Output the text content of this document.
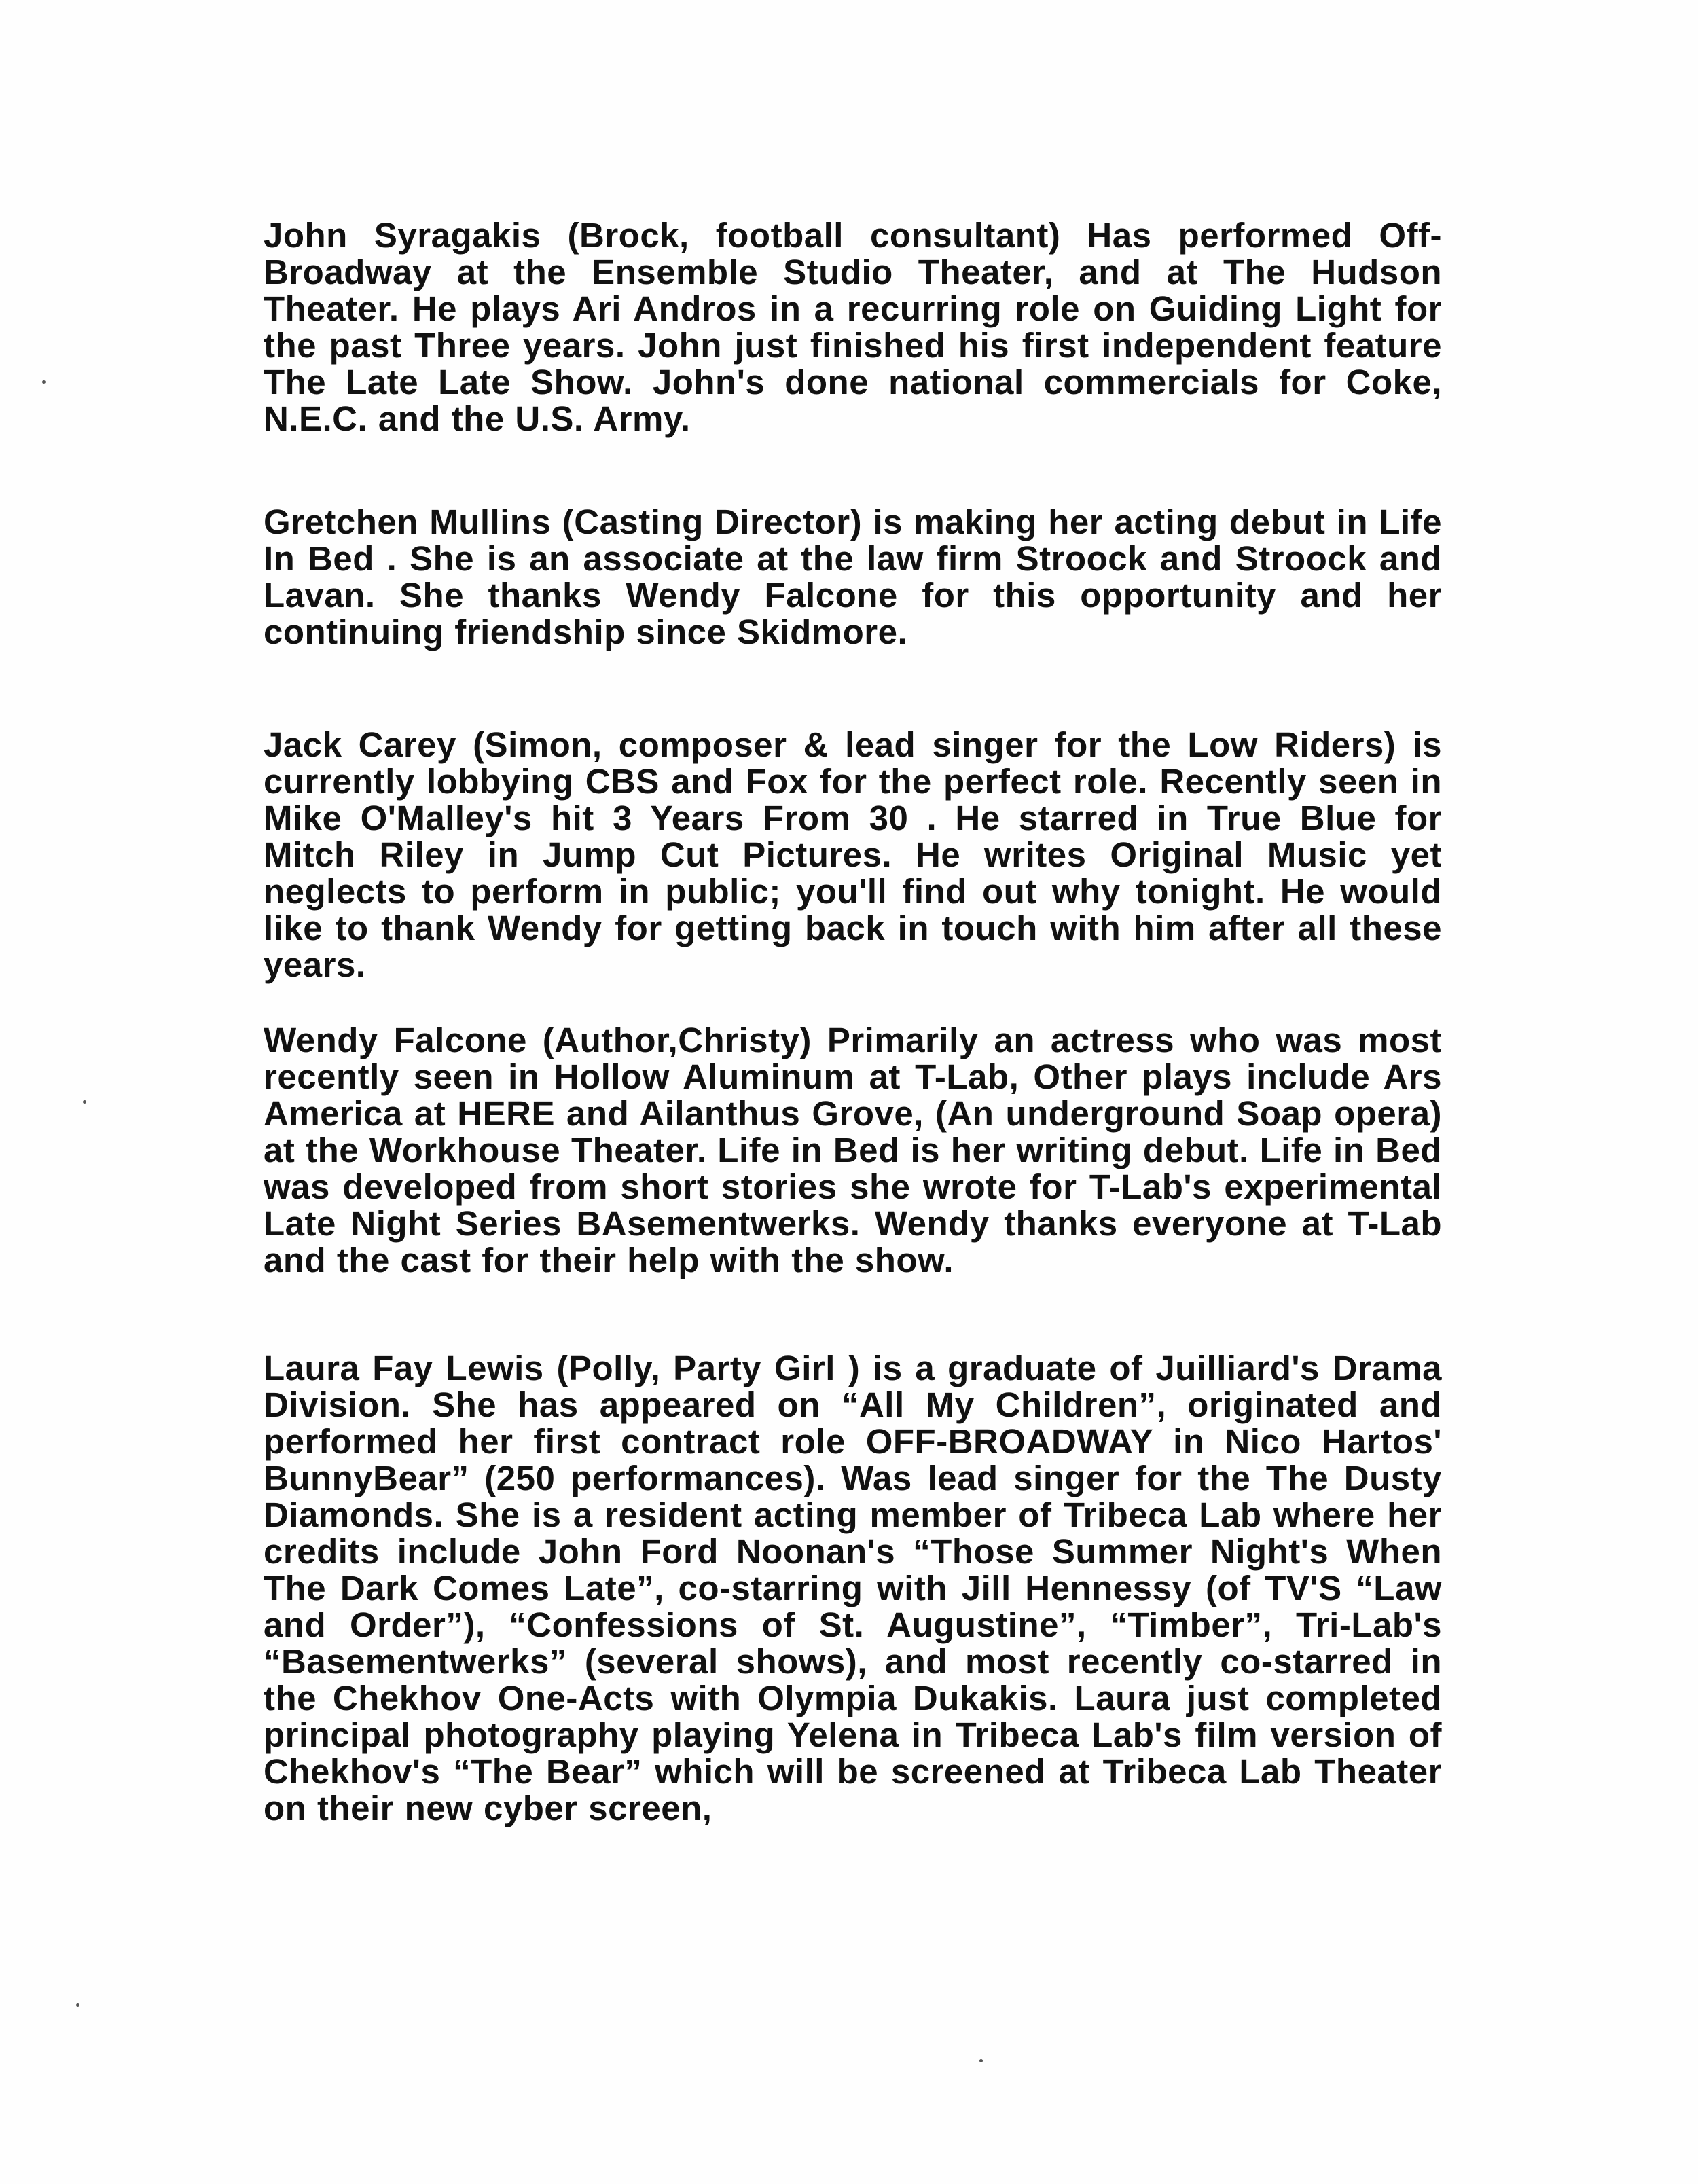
John Syragakis (Brock, football consultant) Has performed Off-Broadway at the Ensemble Studio Theater, and at The Hudson Theater. He plays Ari Andros in a recurring role on Guiding Light for the past Three years. John just finished his first independent feature The Late Late Show. John's done national commercials for Coke, N.E.C. and the U.S. Army.

Gretchen Mullins (Casting Director) is making her acting debut in Life In Bed . She is an associate at the law firm Stroock and Stroock and Lavan. She thanks Wendy Falcone for this opportunity and her continuing friendship since Skidmore.

Jack Carey (Simon, composer & lead singer for the Low Riders) is currently lobbying CBS and Fox for the perfect role. Recently seen in Mike O'Malley's hit 3 Years From 30 . He starred in True Blue for Mitch Riley in Jump Cut Pictures. He writes Original Music yet neglects to perform in public; you'll find out why tonight. He would like to thank Wendy for getting back in touch with him after all these years.

Wendy Falcone (Author,Christy) Primarily an actress who was most recently seen in Hollow Aluminum at T-Lab, Other plays include Ars America at HERE and Ailanthus Grove, (An underground Soap opera) at the Workhouse Theater. Life in Bed is her writing debut. Life in Bed was developed from short stories she wrote for T-Lab's experimental Late Night Series BAsementwerks. Wendy thanks everyone at T-Lab and the cast for their help with the show.

Laura Fay Lewis (Polly, Party Girl ) is a graduate of Juilliard's Drama Division. She has appeared on “All My Children”, originated and performed her first contract role OFF-BROADWAY in Nico Hartos' BunnyBear” (250 performances). Was lead singer for the The Dusty Diamonds. She is a resident acting member of Tribeca Lab where her credits include John Ford Noonan's “Those Summer Night's When The Dark Comes Late”, co-starring with Jill Hennessy (of TV'S “Law and Order”), “Confessions of St. Augustine”, “Timber”, Tri-Lab's “Basementwerks” (several shows), and most recently co-starred in the Chekhov One-Acts with Olympia Dukakis. Laura just completed principal photography playing Yelena in Tribeca Lab's film version of Chekhov's “The Bear” which will be screened at Tribeca Lab Theater on their new cyber screen,
